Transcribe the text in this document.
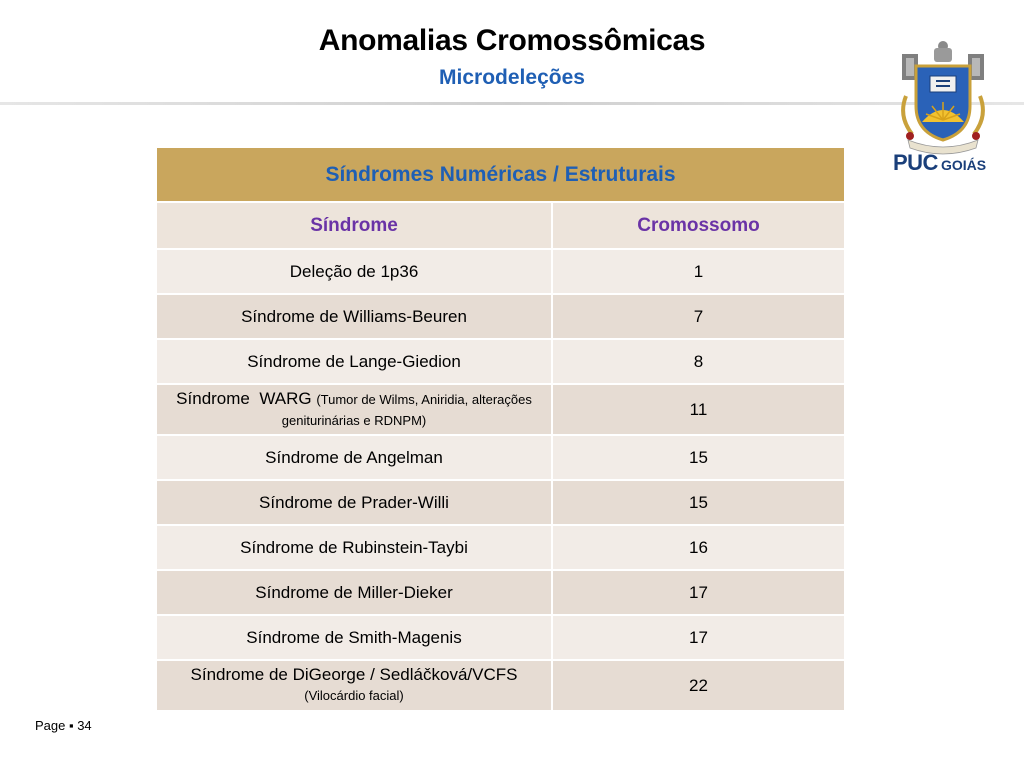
Anomalias Cromossômicas
Microdeleções
PUC GOIÁS
Síndromes Numéricas / Estruturais	
Síndrome	Cromossomo
Deleção de 1p36	1
Síndrome de Williams-Beuren	7
Síndrome de Lange-Giedion	8
Síndrome  WARG (Tumor de Wilms, Aniridia, alterações geniturinárias e RDNPM)	11
Síndrome de Angelman	15
Síndrome de Prader-Willi	15
Síndrome de Rubinstein-Taybi	16
Síndrome de Miller-Dieker	17
Síndrome de Smith-Magenis	17
Síndrome de DiGeorge / Sedláčková/VCFS (Vilocárdio facial)	22
Page ▪ 34
